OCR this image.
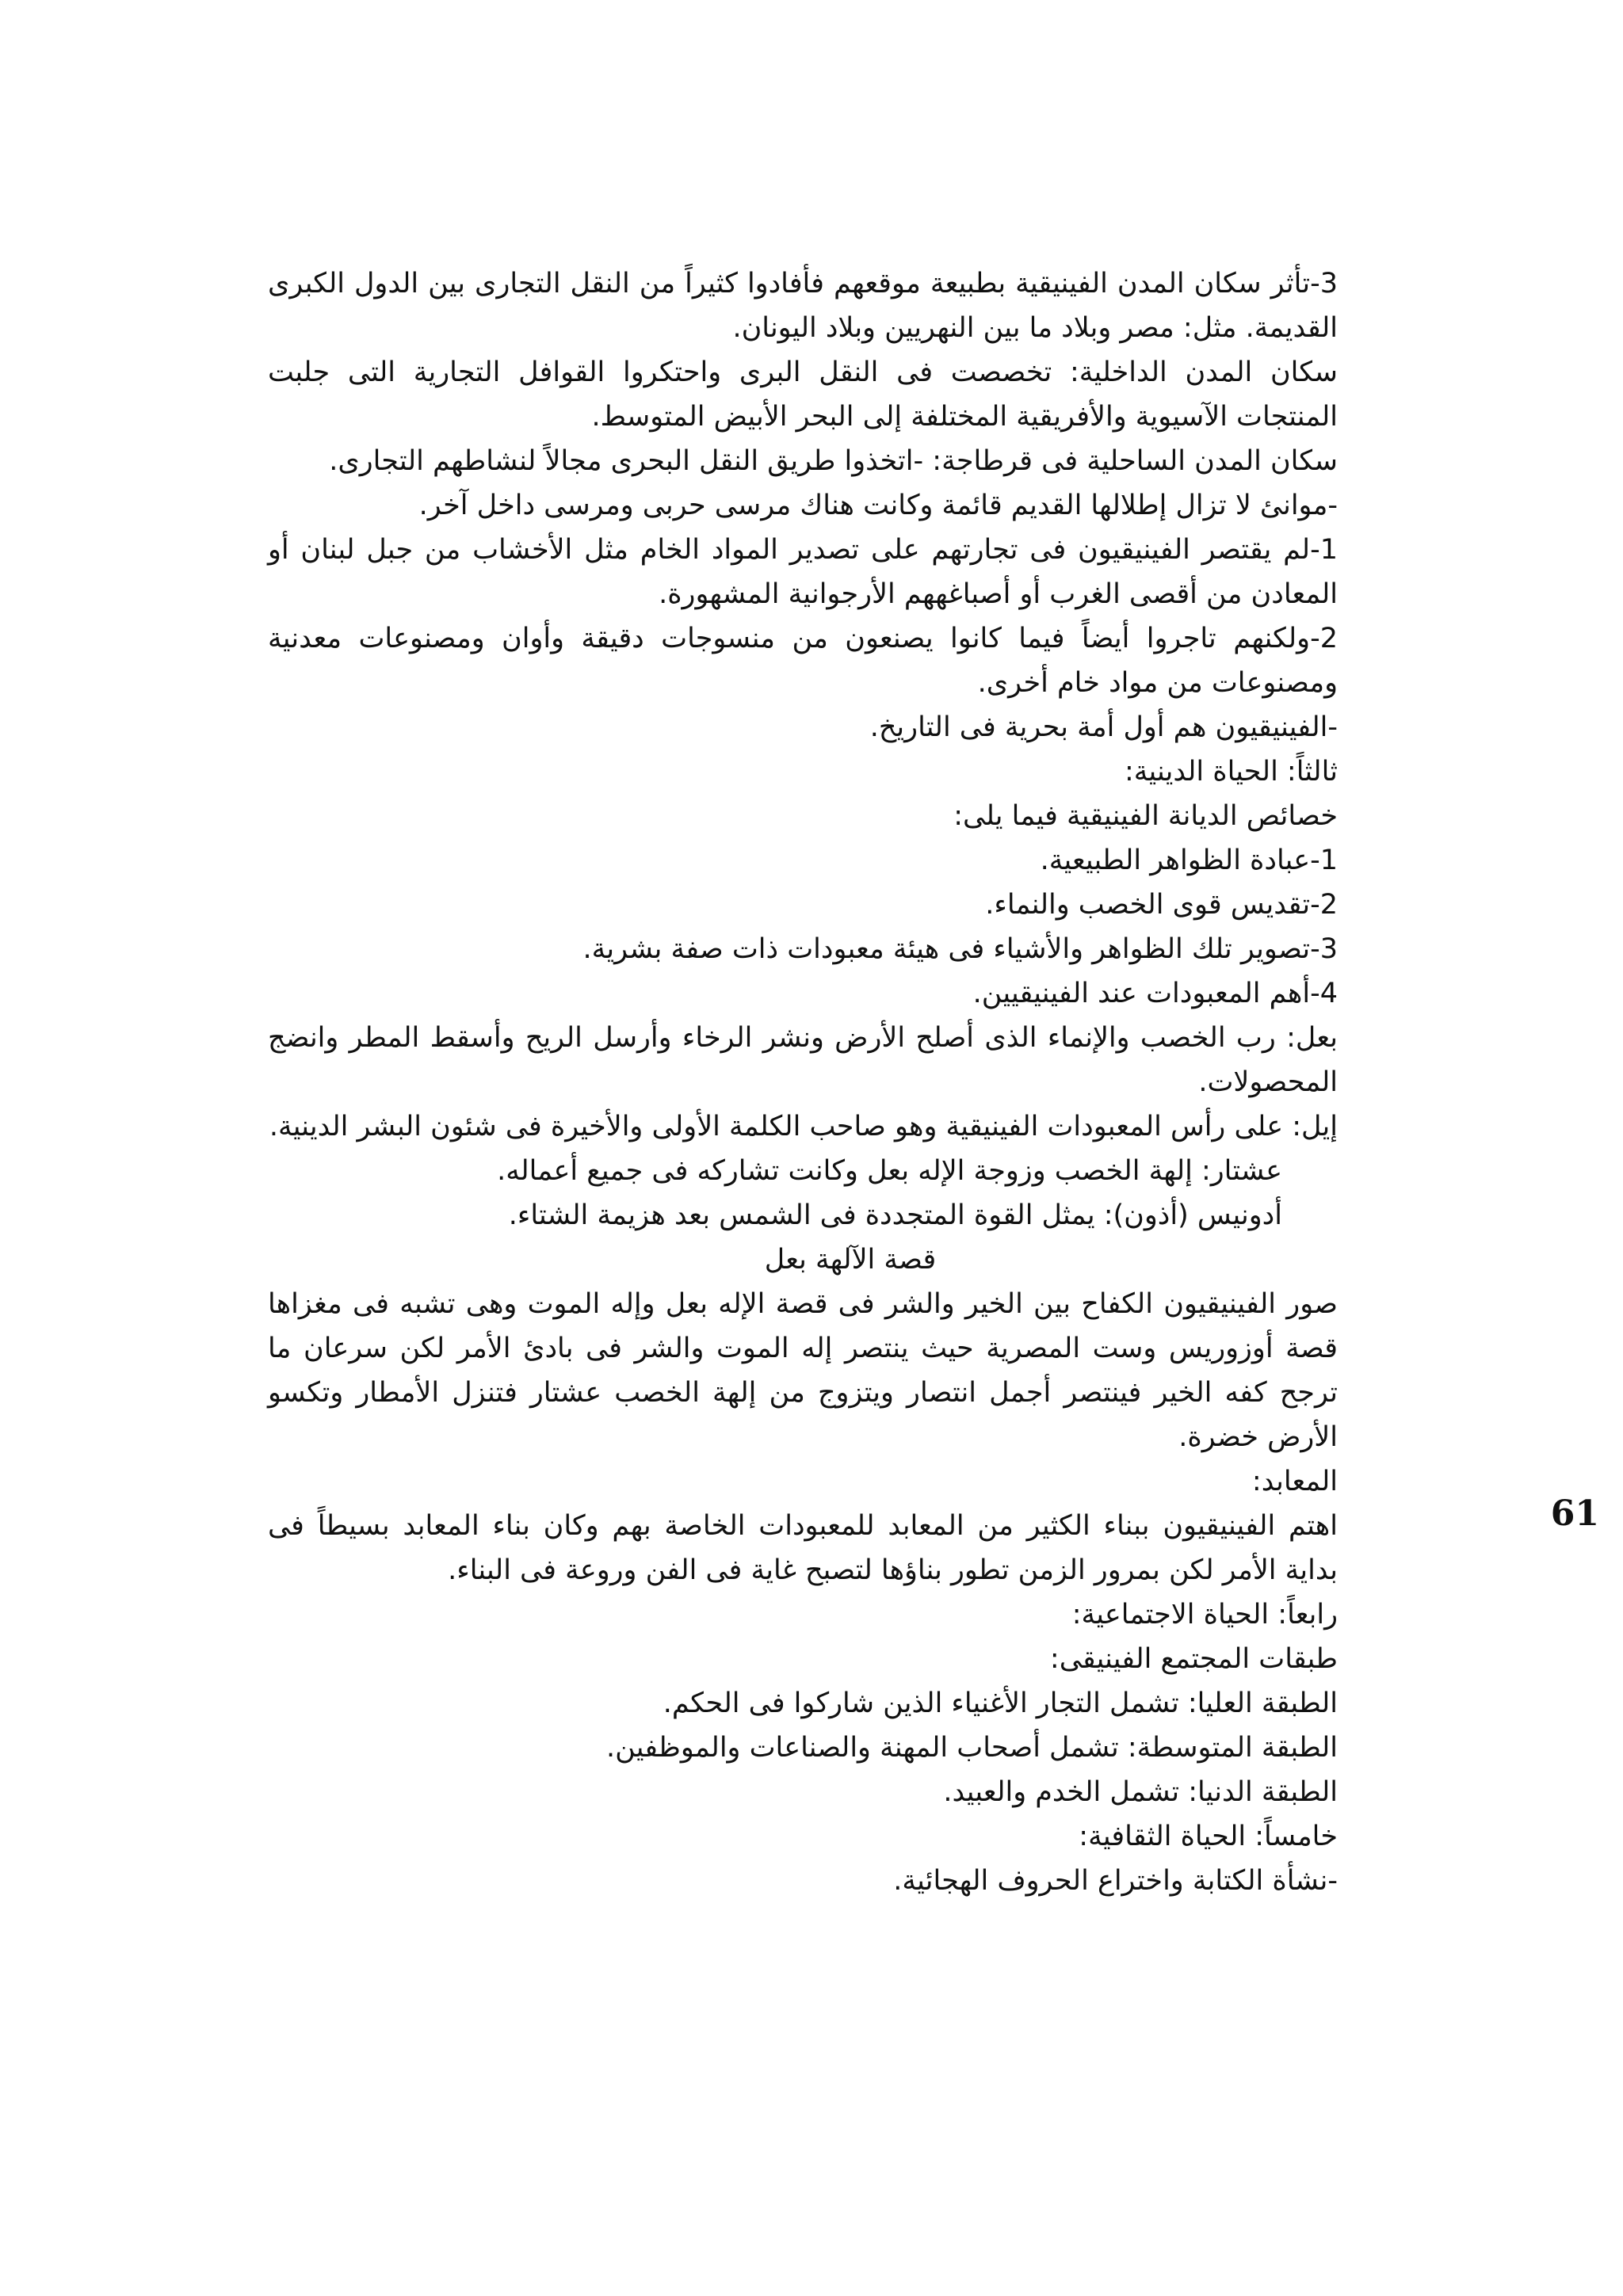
3-تأثر سكان المدن الفينيقية بطبيعة موقعهم فأفادوا كثيراً من النقل التجارى بين الدول الكبرى القديمة. مثل: مصر وبلاد ما بين النهريين وبلاد اليونان.

سكان المدن الداخلية: تخصصت فى النقل البرى واحتكروا القوافل التجارية التى جلبت المنتجات الآسيوية والأفريقية المختلفة إلى البحر الأبيض المتوسط.

سكان المدن الساحلية فى قرطاجة: -اتخذوا طريق النقل البحرى مجالاً لنشاطهم التجارى.

-موانئ لا تزال إطلالها القديم قائمة وكانت هناك مرسى حربى ومرسى داخل آخر.

1-لم يقتصر الفينيقيون فى تجارتهم على تصدير المواد الخام مثل الأخشاب من جبل لبنان أو المعادن من أقصى الغرب أو أصباغههم الأرجوانية المشهورة.

2-ولكنهم تاجروا أيضاً فيما كانوا يصنعون من منسوجات دقيقة وأوان ومصنوعات معدنية ومصنوعات من مواد خام أخرى.

-الفينيقيون هم أول أمة بحرية فى التاريخ.

ثالثاً: الحياة الدينية:

خصائص الديانة الفينيقية فيما يلى:

1-عبادة الظواهر الطبيعية.

2-تقديس قوى الخصب والنماء.

3-تصوير تلك الظواهر والأشياء فى هيئة معبودات ذات صفة بشرية.

4-أهم المعبودات عند الفينيقيين.

بعل: رب الخصب والإنماء الذى أصلح الأرض ونشر الرخاء وأرسل الريح وأسقط المطر وانضج المحصولات.

إيل: على رأس المعبودات الفينيقية وهو صاحب الكلمة الأولى والأخيرة فى شئون البشر الدينية.

عشتار: إلهة الخصب وزوجة الإله بعل وكانت تشاركه فى جميع أعماله.

أدونيس (أذون): يمثل القوة المتجددة فى الشمس بعد هزيمة الشتاء.

قصة الآلهة بعل

صور الفينيقيون الكفاح بين الخير والشر فى قصة الإله بعل وإله الموت وهى تشبه فى مغزاها قصة أوزوريس وست المصرية حيث ينتصر إله الموت والشر فى بادئ الأمر لكن سرعان ما ترجح كفه الخير فينتصر أجمل انتصار ويتزوج من إلهة الخصب عشتار فتنزل الأمطار وتكسو الأرض خضرة.

المعابد:

اهتم الفينيقيون ببناء الكثير من المعابد للمعبودات الخاصة بهم وكان بناء المعابد بسيطاً فى بداية الأمر لكن بمرور الزمن تطور بناؤها لتصبح غاية فى الفن وروعة فى البناء.

رابعاً: الحياة الاجتماعية:

طبقات المجتمع الفينيقى:

الطبقة العليا: تشمل التجار الأغنياء الذين شاركوا فى الحكم.

الطبقة المتوسطة: تشمل أصحاب المهنة والصناعات والموظفين.

الطبقة الدنيا: تشمل الخدم والعبيد.

خامساً: الحياة الثقافية:

-نشأة الكتابة واختراع الحروف الهجائية.

61
